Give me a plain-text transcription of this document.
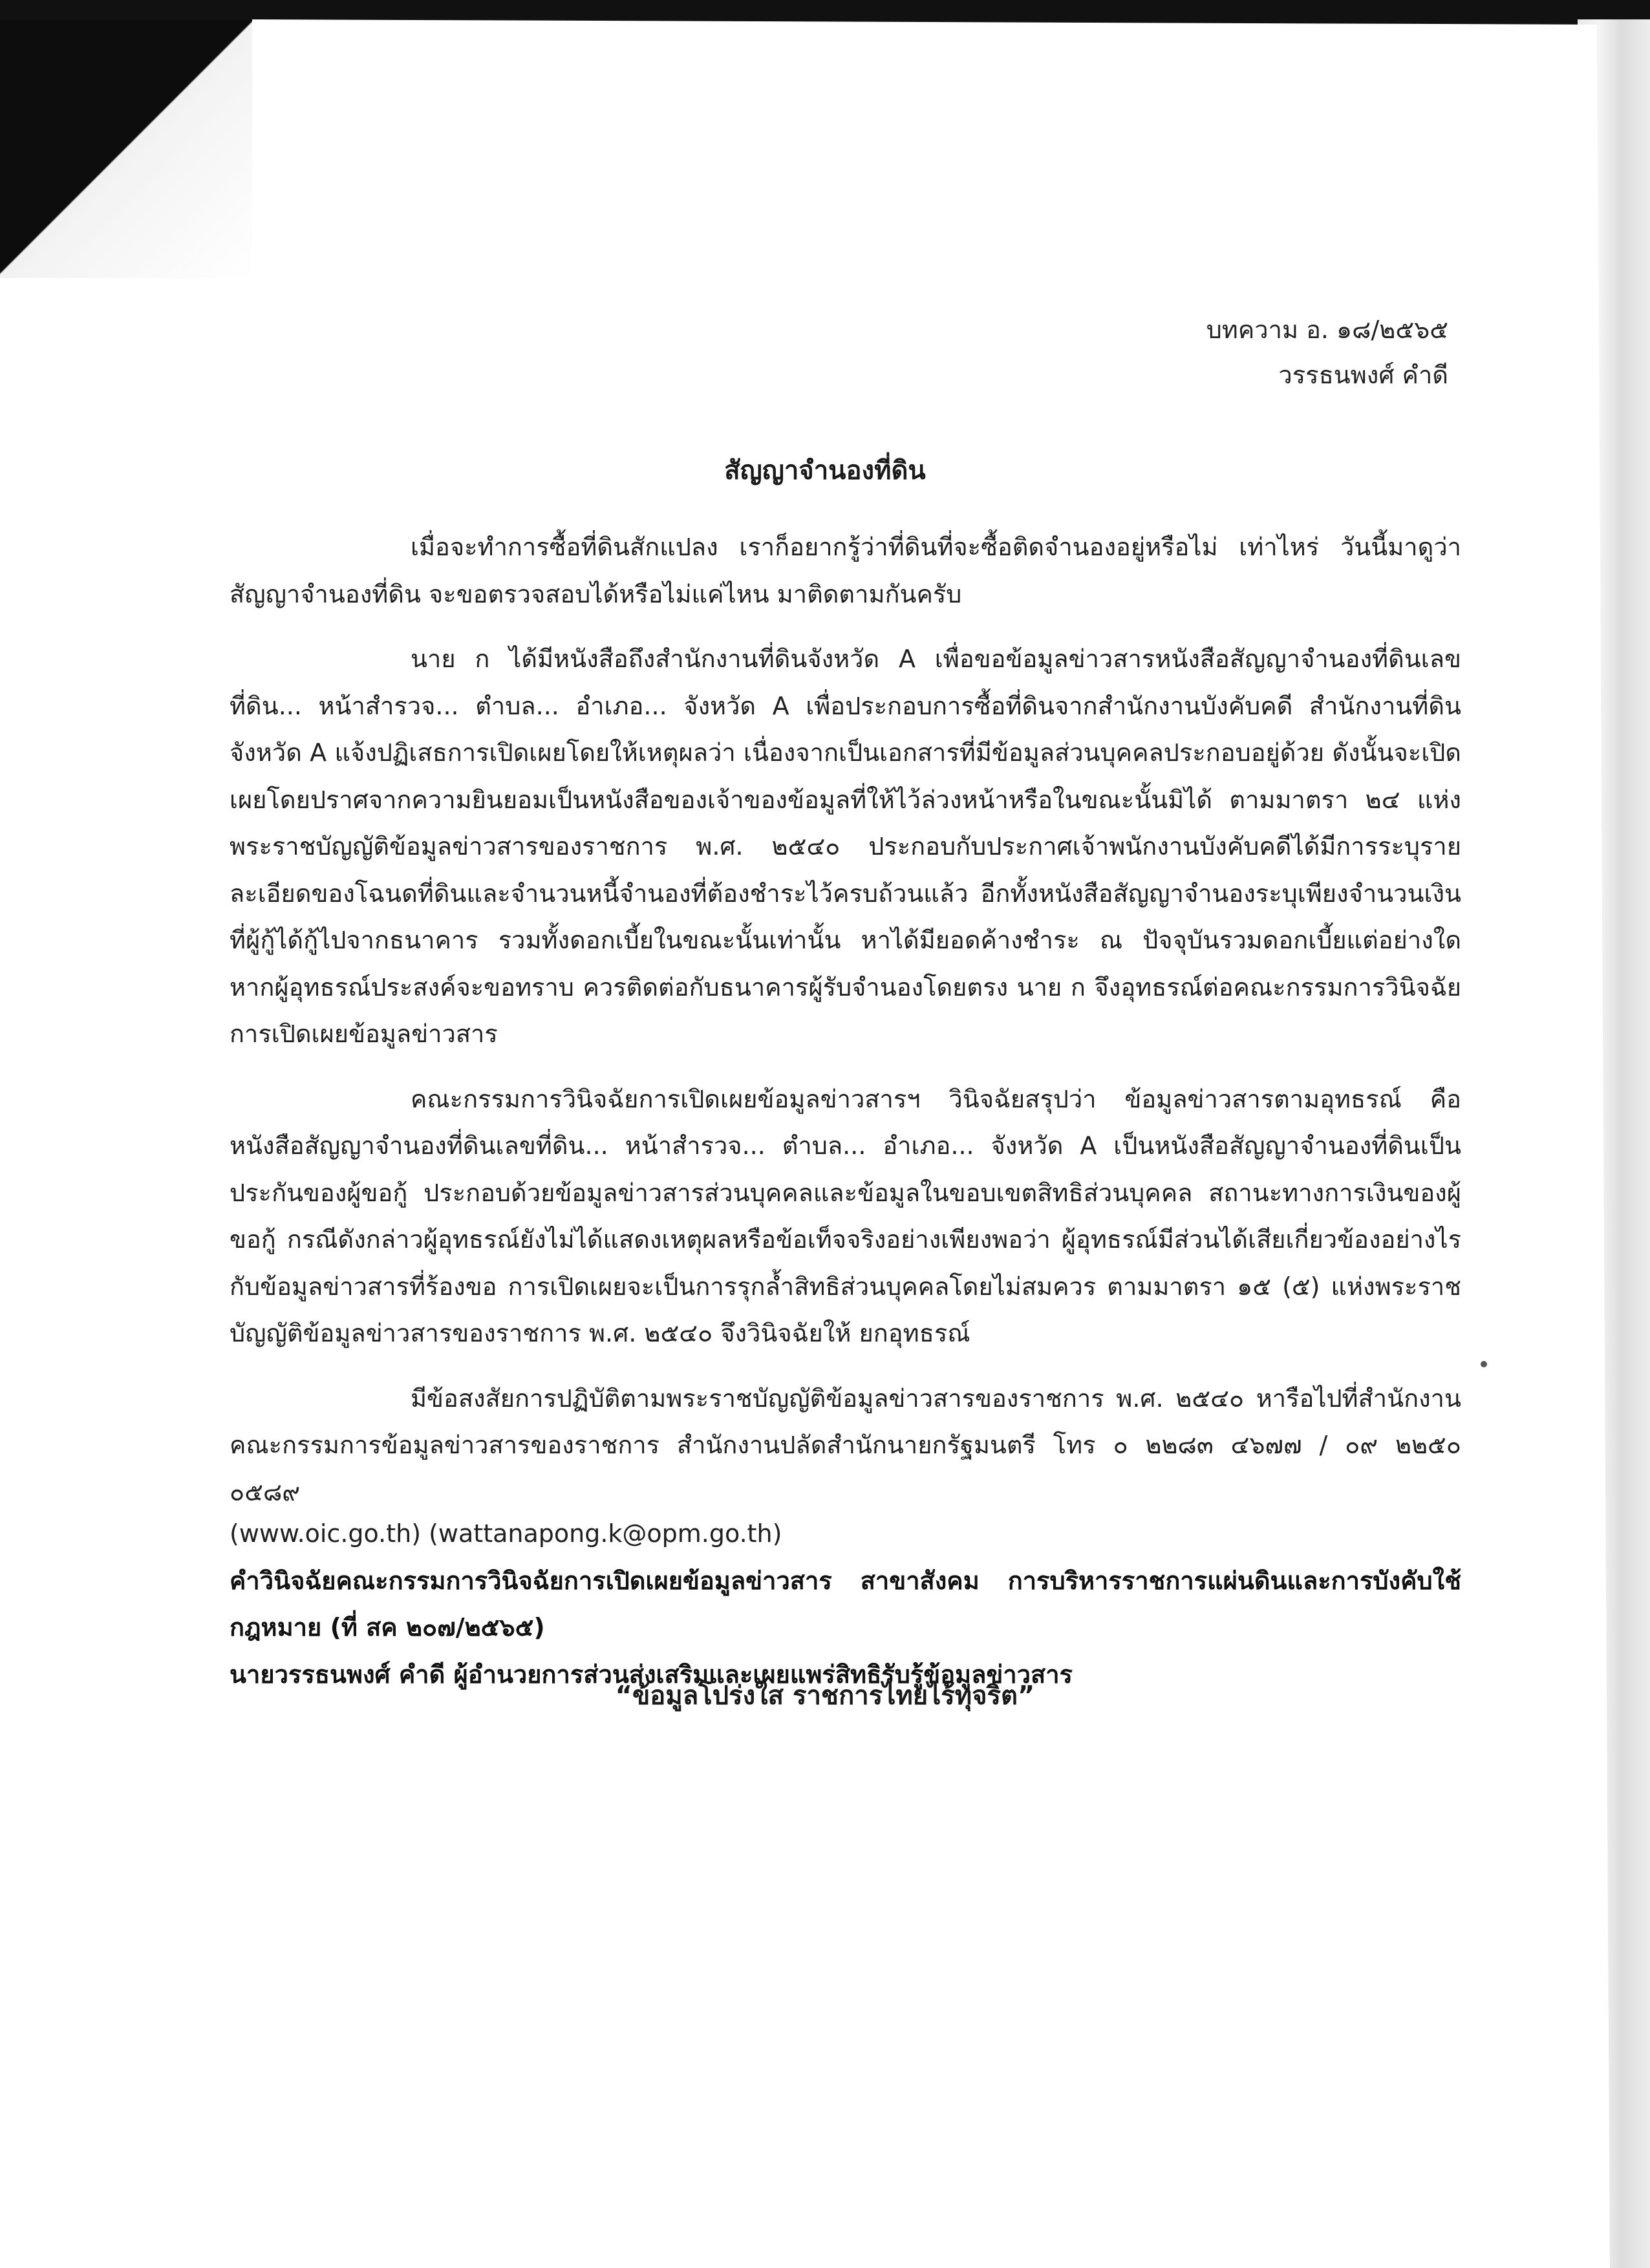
บทความ อ. ๑๘/๒๕๖๕
วรรธนพงศ์ คำดี
สัญญาจำนองที่ดิน

เมื่อจะทำการซื้อที่ดินสักแปลง เราก็อยากรู้ว่าที่ดินที่จะซื้อติดจำนองอยู่หรือไม่ เท่าไหร่ วันนี้มาดูว่าสัญญาจำนองที่ดิน จะขอตรวจสอบได้หรือไม่แค่ไหน มาติดตามกันครับ

นาย ก ได้มีหนังสือถึงสำนักงานที่ดินจังหวัด A เพื่อขอข้อมูลข่าวสารหนังสือสัญญาจำนองที่ดินเลขที่ดิน... หน้าสำรวจ... ตำบล... อำเภอ... จังหวัด A เพื่อประกอบการซื้อที่ดินจากสำนักงานบังคับคดี สำนักงานที่ดินจังหวัด A แจ้งปฏิเสธการเปิดเผยโดยให้เหตุผลว่า เนื่องจากเป็นเอกสารที่มีข้อมูลส่วนบุคคลประกอบอยู่ด้วย ดังนั้นจะเปิดเผยโดยปราศจากความยินยอมเป็นหนังสือของเจ้าของข้อมูลที่ให้ไว้ล่วงหน้าหรือในขณะนั้นมิได้ ตามมาตรา ๒๔ แห่งพระราชบัญญัติข้อมูลข่าวสารของราชการ พ.ศ. ๒๕๔๐ ประกอบกับประกาศเจ้าพนักงานบังคับคดีได้มีการระบุรายละเอียดของโฉนดที่ดินและจำนวนหนี้จำนองที่ต้องชำระไว้ครบถ้วนแล้ว อีกทั้งหนังสือสัญญาจำนองระบุเพียงจำนวนเงินที่ผู้กู้ได้กู้ไปจากธนาคาร รวมทั้งดอกเบี้ยในขณะนั้นเท่านั้น หาได้มียอดค้างชำระ ณ ปัจจุบันรวมดอกเบี้ยแต่อย่างใด หากผู้อุทธรณ์ประสงค์จะขอทราบ ควรติดต่อกับธนาคารผู้รับจำนองโดยตรง นาย ก จึงอุทธรณ์ต่อคณะกรรมการวินิจฉัยการเปิดเผยข้อมูลข่าวสาร

คณะกรรมการวินิจฉัยการเปิดเผยข้อมูลข่าวสารฯ วินิจฉัยสรุปว่า ข้อมูลข่าวสารตามอุทธรณ์ คือ หนังสือสัญญาจำนองที่ดินเลขที่ดิน... หน้าสำรวจ... ตำบล... อำเภอ... จังหวัด A เป็นหนังสือสัญญาจำนองที่ดินเป็นประกันของผู้ขอกู้ ประกอบด้วยข้อมูลข่าวสารส่วนบุคคลและข้อมูลในขอบเขตสิทธิส่วนบุคคล สถานะทางการเงินของผู้ขอกู้ กรณีดังกล่าวผู้อุทธรณ์ยังไม่ได้แสดงเหตุผลหรือข้อเท็จจริงอย่างเพียงพอว่า ผู้อุทธรณ์มีส่วนได้เสียเกี่ยวข้องอย่างไรกับข้อมูลข่าวสารที่ร้องขอ การเปิดเผยจะเป็นการรุกล้ำสิทธิส่วนบุคคลโดยไม่สมควร ตามมาตรา ๑๕ (๕) แห่งพระราชบัญญัติข้อมูลข่าวสารของราชการ พ.ศ. ๒๕๔๐ จึงวินิจฉัยให้ ยกอุทธรณ์

มีข้อสงสัยการปฏิบัติตามพระราชบัญญัติข้อมูลข่าวสารของราชการ พ.ศ. ๒๕๔๐ หารือไปที่สำนักงานคณะกรรมการข้อมูลข่าวสารของราชการ สำนักงานปลัดสำนักนายกรัฐมนตรี โทร ๐ ๒๒๘๓ ๔๖๗๗ / ๐๙ ๒๒๕๐ ๐๕๘๙

(www.oic.go.th) (wattanapong.k@opm.go.th)
คำวินิจฉัยคณะกรรมการวินิจฉัยการเปิดเผยข้อมูลข่าวสาร สาขาสังคม การบริหารราชการแผ่นดินและการบังคับใช้กฎหมาย (ที่ สค ๒๐๗/๒๕๖๕)
นายวรรธนพงศ์ คำดี ผู้อำนวยการส่วนส่งเสริมและเผยแพร่สิทธิรับรู้ข้อมูลข่าวสาร
“ข้อมูลโปร่งใส ราชการไทยไร้ทุจริต”
